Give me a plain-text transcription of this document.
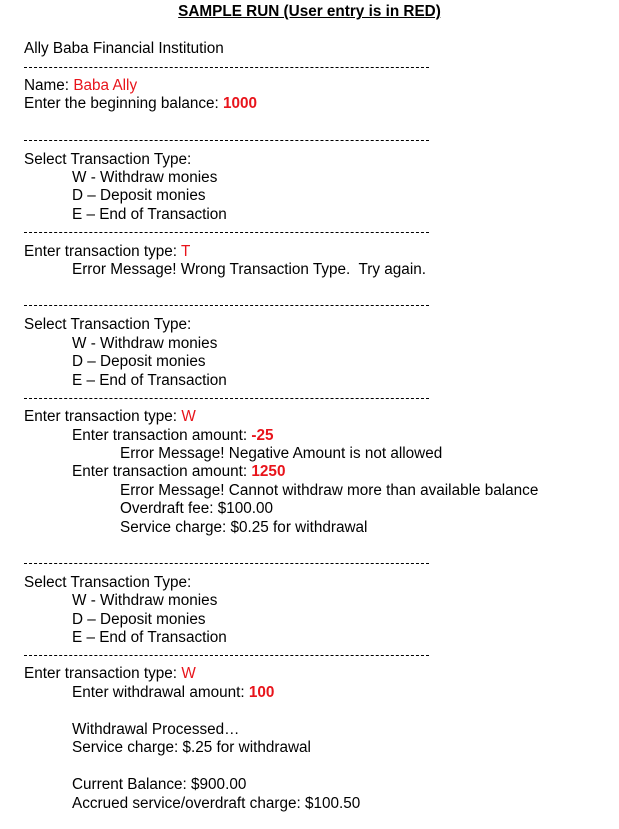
SAMPLE RUN (User entry is in RED)
Ally Baba Financial Institution
Name: Baba Ally
Enter the beginning balance: 1000
Select Transaction Type:
W - Withdraw monies
D – Deposit monies
E – End of Transaction
Enter transaction type: T
Error Message! Wrong Transaction Type.  Try again.
Select Transaction Type:
W - Withdraw monies
D – Deposit monies
E – End of Transaction
Enter transaction type: W
Enter transaction amount: -25
Error Message! Negative Amount is not allowed
Enter transaction amount: 1250
Error Message! Cannot withdraw more than available balance
Overdraft fee: $100.00
Service charge: $0.25 for withdrawal
Select Transaction Type:
W - Withdraw monies
D – Deposit monies
E – End of Transaction
Enter transaction type: W
Enter withdrawal amount: 100
Withdrawal Processed…
Service charge: $.25 for withdrawal
Current Balance: $900.00
Accrued service/overdraft charge: $100.50
